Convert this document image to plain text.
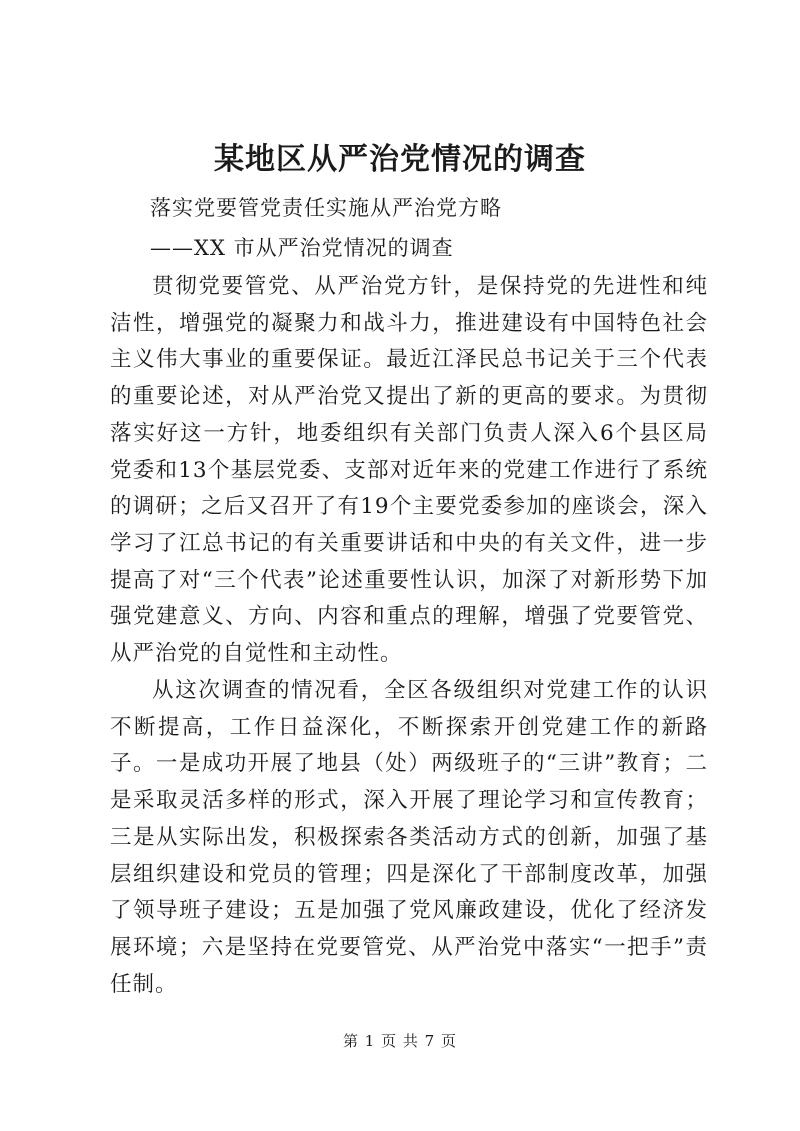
某地区从严治党情况的调查

落实党要管党责任实施从严治党方略

——XX 市从严治党情况的调查

贯彻党要管党、从严治党方针，是保持党的先进性和纯洁性，增强党的凝聚力和战斗力，推进建设有中国特色社会主义伟大事业的重要保证。最近江泽民总书记关于三个代表的重要论述，对从严治党又提出了新的更高的要求。为贯彻落实好这一方针，地委组织有关部门负责人深入6个县区局党委和13个基层党委、支部对近年来的党建工作进行了系统的调研；之后又召开了有19个主要党委参加的座谈会，深入学习了江总书记的有关重要讲话和中央的有关文件，进一步提高了对“三个代表”论述重要性认识，加深了对新形势下加强党建意义、方向、内容和重点的理解，增强了党要管党、从严治党的自觉性和主动性。

从这次调查的情况看，全区各级组织对党建工作的认识不断提高，工作日益深化，不断探索开创党建工作的新路子。一是成功开展了地县（处）两级班子的“三讲”教育；二是采取灵活多样的形式，深入开展了理论学习和宣传教育；三是从实际出发，积极探索各类活动方式的创新，加强了基层组织建设和党员的管理；四是深化了干部制度改革，加强了领导班子建设；五是加强了党风廉政建设，优化了经济发展环境；六是坚持在党要管党、从严治党中落实“一把手”责任制。

第 1 页 共 7 页
